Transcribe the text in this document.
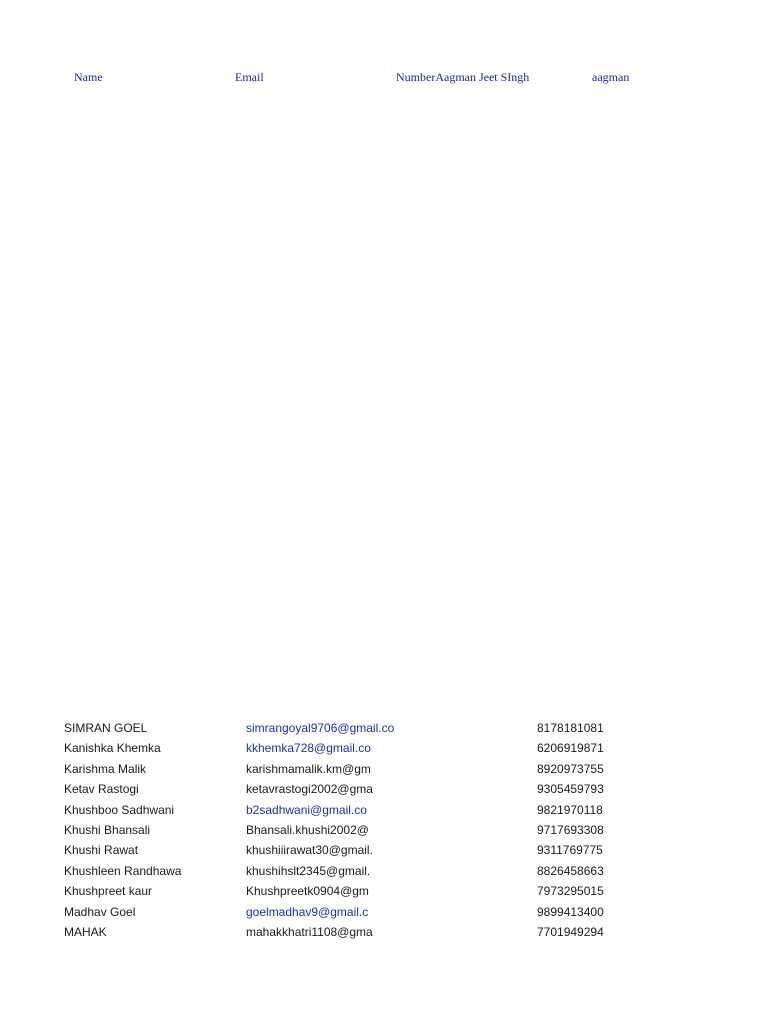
Name	Email	NumberAagman Jeet SIngh	aagman
SIMRAN GOEL	simrangoyal9706@gmail.co	8178181081
Kanishka Khemka	kkhemka728@gmail.co	6206919871
Karishma Malik	karishmamalik.km@gm	8920973755
Ketav Rastogi	ketavrastogi2002@gma	9305459793
Khushboo Sadhwani	b2sadhwani@gmail.co	9821970118
Khushi Bhansali	Bhansali.khushi2002@	9717693308
Khushi Rawat	khushiiirawat30@gmail.	9311769775
Khushleen Randhawa	khushihslt2345@gmail.	8826458663
Khushpreet kaur	Khushpreetk0904@gm	7973295015
Madhav Goel	goelmadhav9@gmail.c	9899413400
MAHAK	mahakkhatri1108@gma	7701949294
